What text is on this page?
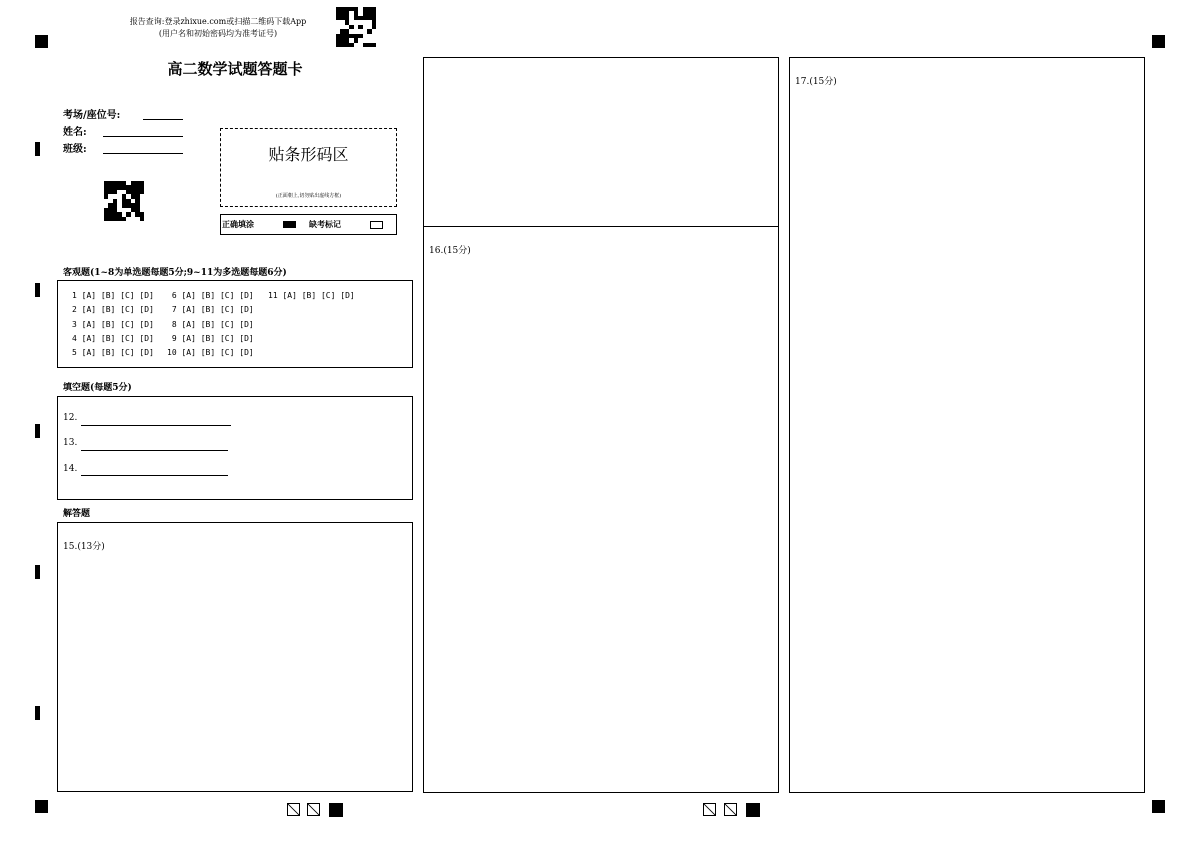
报告查询:登录zhixue.com或扫描二维码下载App
(用户名和初始密码均为准考证号)
高二数学试题答题卡
考场/座位号:
姓名:
班级:	贴条形码区
(正面朝上,切勿贴出虚线方框)
正确填涂	缺考标记
客观题(1~8为单选题每题5分;9~11为多选题每题6分)
1 [A] [B] [C] [D]
2 [A] [B] [C] [D]
3 [A] [B] [C] [D]
4 [A] [B] [C] [D]
5 [A] [B] [C] [D]
6 [A] [B] [C] [D]
7 [A] [B] [C] [D]
8 [A] [B] [C] [D]
9 [A] [B] [C] [D]
10 [A] [B] [C] [D]
11 [A] [B] [C] [D]
填空题(每题5分)
12.
13.
14.
解答题
15.(13分)
16.(15分)
17.(15分)
